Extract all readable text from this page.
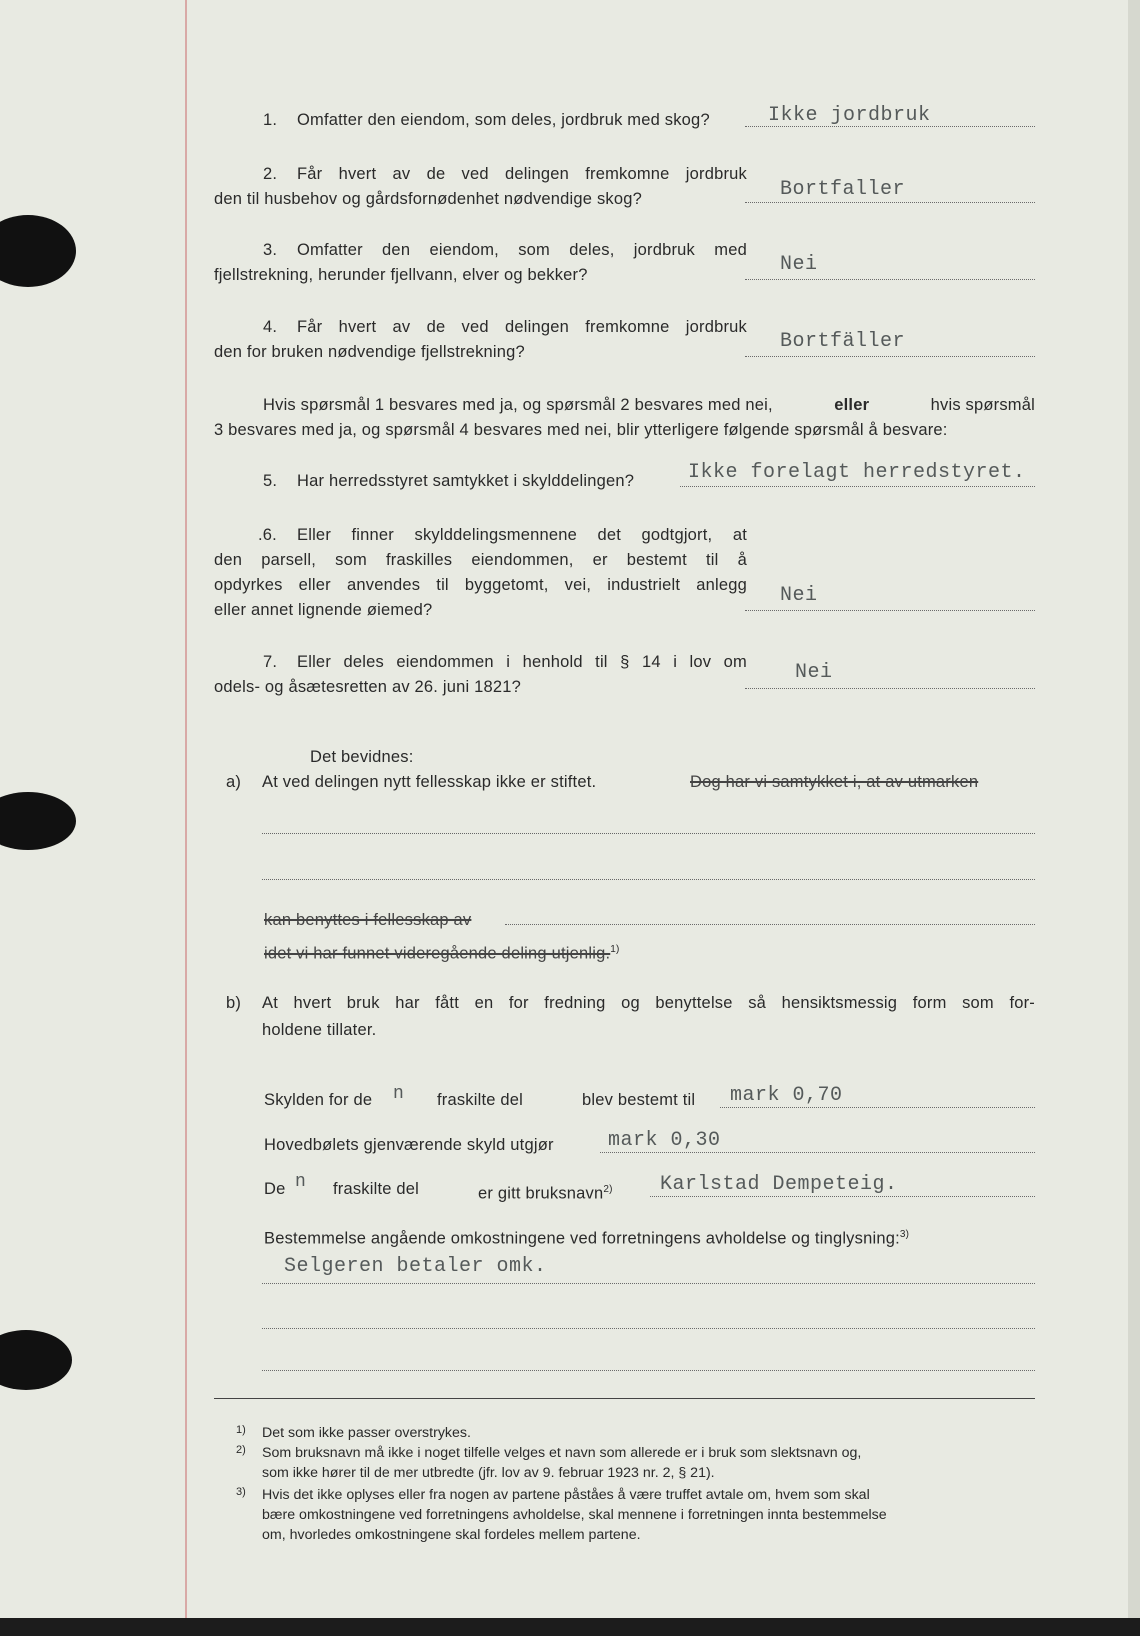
1. Omfatter den eiendom, som deles, jordbruk med skog?	Ikke jordbruk
2. Får hvert av de ved delingen fremkomne jordbruk
den til husbehov og gårdsfornødenhet nødvendige skog?	Bortfaller
3. Omfatter den eiendom, som deles, jordbruk med
fjellstrekning, herunder fjellvann, elver og bekker?	Nei
4. Får hvert av de ved delingen fremkomne jordbruk
den for bruken nødvendige fjellstrekning?	Bortfäller
Hvis spørsmål 1 besvares med ja, og spørsmål 2 besvares med nei,	eller	hvis spørsmål
3 besvares med ja, og spørsmål 4 besvares med nei, blir ytterligere følgende spørsmål å besvare:
5. Har herredsstyret samtykket i skylddelingen?	Ikke forelagt herredstyret.
.6. Eller finner skylddelingsmennene det godtgjort, at
den parsell, som fraskilles eiendommen, er bestemt til å
opdyrkes eller anvendes til byggetomt, vei, industrielt anlegg
eller annet lignende øiemed?
Nei
7. Eller deles eiendommen i henhold til § 14 i lov om
odels- og åsætesretten av 26. juni 1821?
Nei
Det bevidnes:
a) At ved delingen nytt fellesskap ikke er stiftet.	Dog har vi samtykket i, at av utmarken
kan benyttes i fellesskap av
idet vi har funnet videregående deling utjenlig.$^{1)}$
b) At hvert bruk har fått en for fredning og benyttelse så hensiktsmessig form som for-
holdene tillater.
Skylden for de n fraskilte del	blev bestemt til mark 0,70
Hovedbølets gjenværende skyld utgjør	mark 0,30
De n fraskilte del	er gitt bruksnavn$^{2)}$ Karlstad Dempeteig.
Bestemmelse angående omkostningene ved forretningens avholdelse og tinglysning:$^{3)}$
Selgeren betaler omk.
1) Det som ikke passer overstrykes.
2) Som bruksnavn må ikke i noget tilfelle velges et navn som allerede er i bruk som slektsnavn og,
som ikke hører til de mer utbredte (jfr. lov av 9. februar 1923 nr. 2, § 21).
3) Hvis det ikke oplyses eller fra nogen av partene påståes å være truffet avtale om, hvem som skal
bære omkostningene ved forretningens avholdelse, skal mennene i forretningen innta bestemmelse
om, hvorledes omkostningene skal fordeles mellem partene.
